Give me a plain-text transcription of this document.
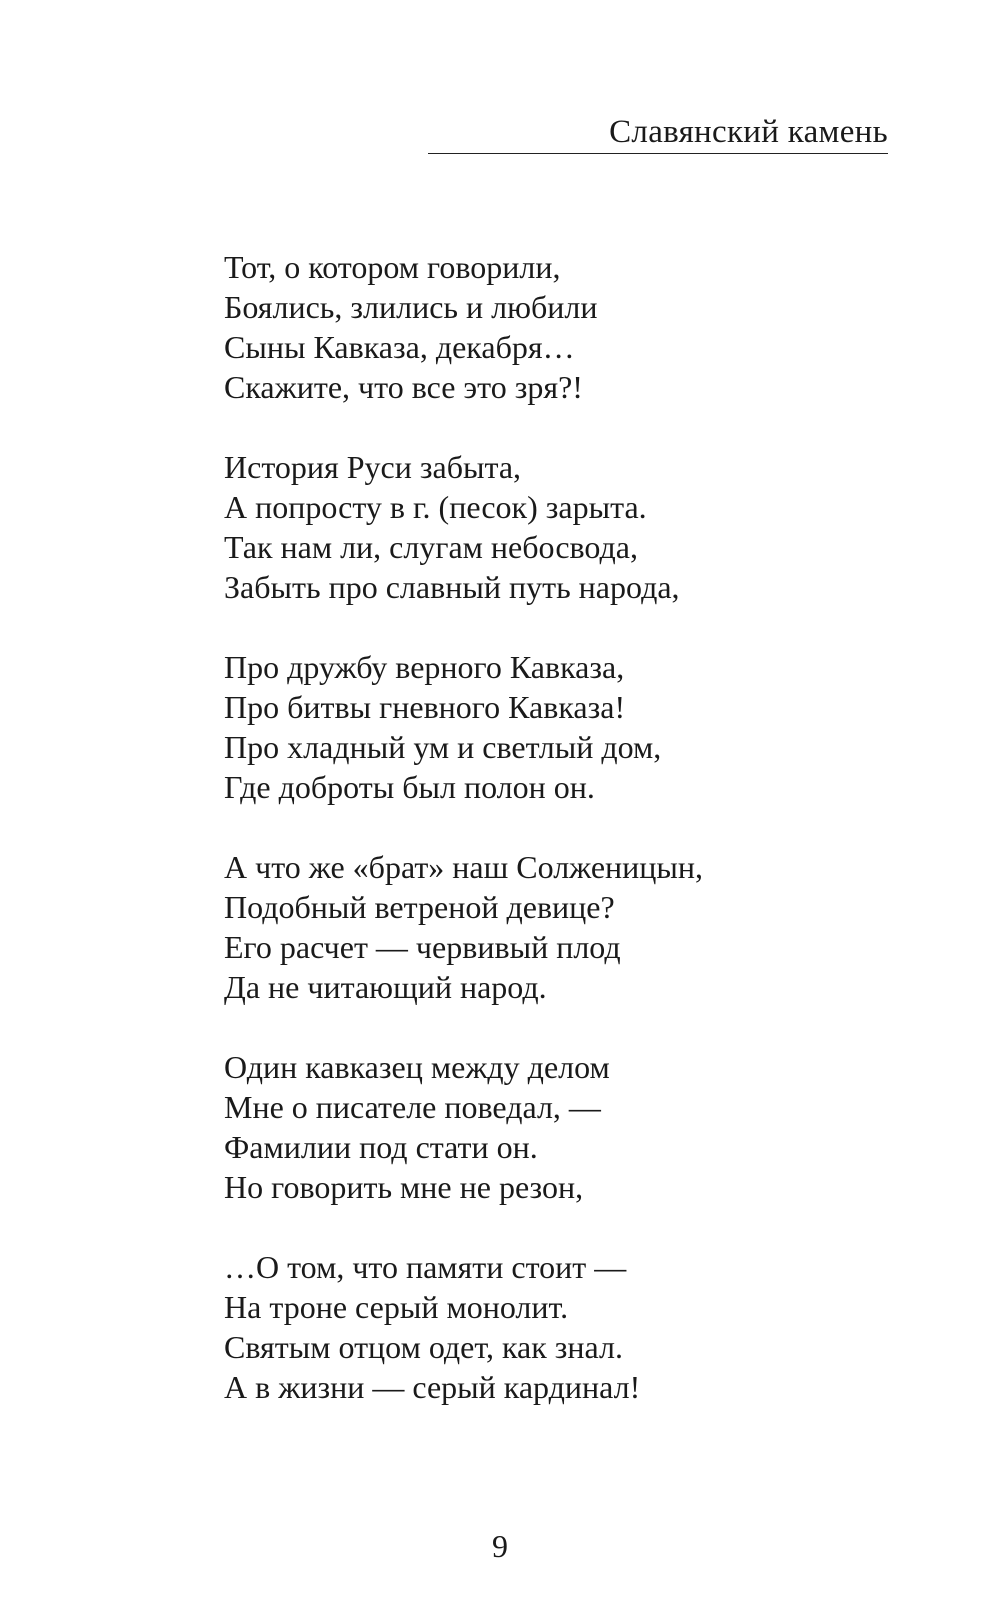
Славянский камень
Тот, о котором говорили,
Боялись, злились и любили
Сыны Кавказа, декабря…
Скажите, что все это зря?!
История Руси забыта,
А попросту в г. (песок) зарыта.
Так нам ли, слугам небосвода,
Забыть про славный путь народа,
Про дружбу верного Кавказа,
Про битвы гневного Кавказа!
Про хладный ум и светлый дом,
Где доброты был полон он.
А что же «брат» наш Солженицын,
Подобный ветреной девице?
Его расчет — червивый плод
Да не читающий народ.
Один кавказец между делом
Мне о писателе поведал, —
Фамилии под стати он.
Но говорить мне не резон,
…О том, что памяти стоит —
На троне серый монолит.
Святым отцом одет, как знал.
А в жизни — серый кардинал!
9
